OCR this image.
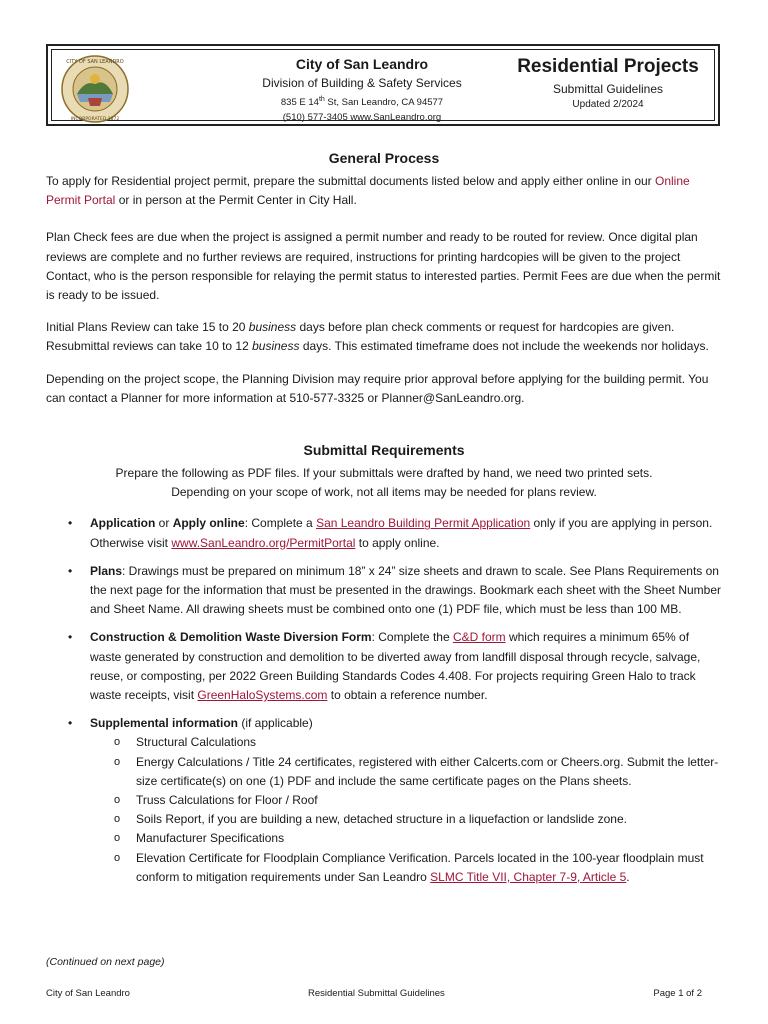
CITY OF SAN LEANDRO
INCORPORATED 1872
City of San Leandro
Division of Building & Safety Services
835 E 14th St, San Leandro, CA 94577
(510) 577-3405 www.SanLeandro.org
Residential Projects
Submittal Guidelines
Updated 2/2024
General Process

To apply for Residential project permit, prepare the submittal documents listed below and apply either online in our Online Permit Portal or in person at the Permit Center in City Hall.

Plan Check fees are due when the project is assigned a permit number and ready to be routed for review. Once digital plan reviews are complete and no further reviews are required, instructions for printing hardcopies will be given to the project Contact, who is the person responsible for relaying the permit status to interested parties. Permit Fees are due when the permit is ready to be issued.

Initial Plans Review can take 15 to 20 business days before plan check comments or request for hardcopies are given. Resubmittal reviews can take 10 to 12 business days. This estimated timeframe does not include the weekends nor holidays.

Depending on the project scope, the Planning Division may require prior approval before applying for the building permit. You can contact a Planner for more information at 510-577-3325 or Planner@SanLeandro.org.

Submittal Requirements
Prepare the following as PDF files. If your submittals were drafted by hand, we need two printed sets.
Depending on your scope of work, not all items may be needed for plans review.
• Application or Apply online: Complete a San Leandro Building Permit Application only if you are applying in person. Otherwise visit www.SanLeandro.org/PermitPortal to apply online.
• Plans: Drawings must be prepared on minimum 18” x 24” size sheets and drawn to scale. See Plans Requirements on the next page for the information that must be presented in the drawings. Bookmark each sheet with the Sheet Number and Sheet Name. All drawing sheets must be combined onto one (1) PDF file, which must be less than 100 MB.
• Construction & Demolition Waste Diversion Form: Complete the C&D form which requires a minimum 65% of waste generated by construction and demolition to be diverted away from landfill disposal through recycle, salvage, reuse, or composting, per 2022 Green Building Standards Codes 4.408. For projects requiring Green Halo to track waste receipts, visit GreenHaloSystems.com to obtain a reference number.
• Supplemental information (if applicable)
o Structural Calculations
o Energy Calculations / Title 24 certificates, registered with either Calcerts.com or Cheers.org. Submit the letter-size certificate(s) on one (1) PDF and include the same certificate pages on the Plans sheets.
o Truss Calculations for Floor / Roof
o Soils Report, if you are building a new, detached structure in a liquefaction or landslide zone.
o Manufacturer Specifications
o Elevation Certificate for Floodplain Compliance Verification. Parcels located in the 100-year floodplain must conform to mitigation requirements under San Leandro SLMC Title VII, Chapter 7-9, Article 5.
(Continued on next page)
City of San Leandro	Residential Submittal Guidelines	Page 1 of 2
